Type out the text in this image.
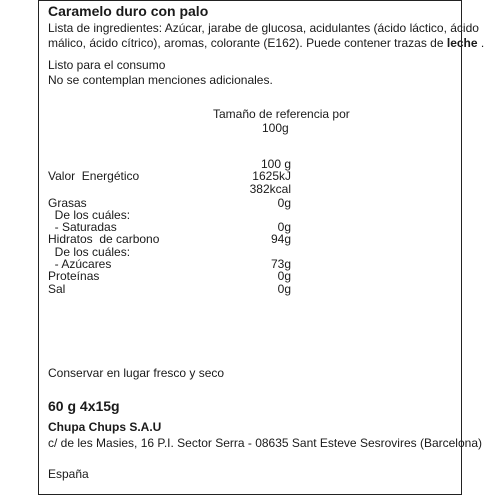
Caramelo duro con palo
Lista de ingredientes: Azúcar, jarabe de glucosa, acidulantes (ácido láctico, ácido
málico, ácido cítrico), aromas, colorante (E162). Puede contener trazas de leche .
Listo para el consumo
No se contemplan menciones adicionales.
Tamaño de referencia por
100g
100 g
Valor  Energético	1625kJ
382kcal
Grasas	0g
De los cuáles:
- Saturadas	0g
Hidratos  de carbono	94g
De los cuáles:
- Azúcares	73g
Proteínas	0g
Sal	0g
Conservar en lugar fresco y seco
60 g 4x15g
Chupa Chups S.A.U
c/ de les Masies, 16 P.I. Sector Serra - 08635 Sant Esteve Sesrovires (Barcelona)
España
